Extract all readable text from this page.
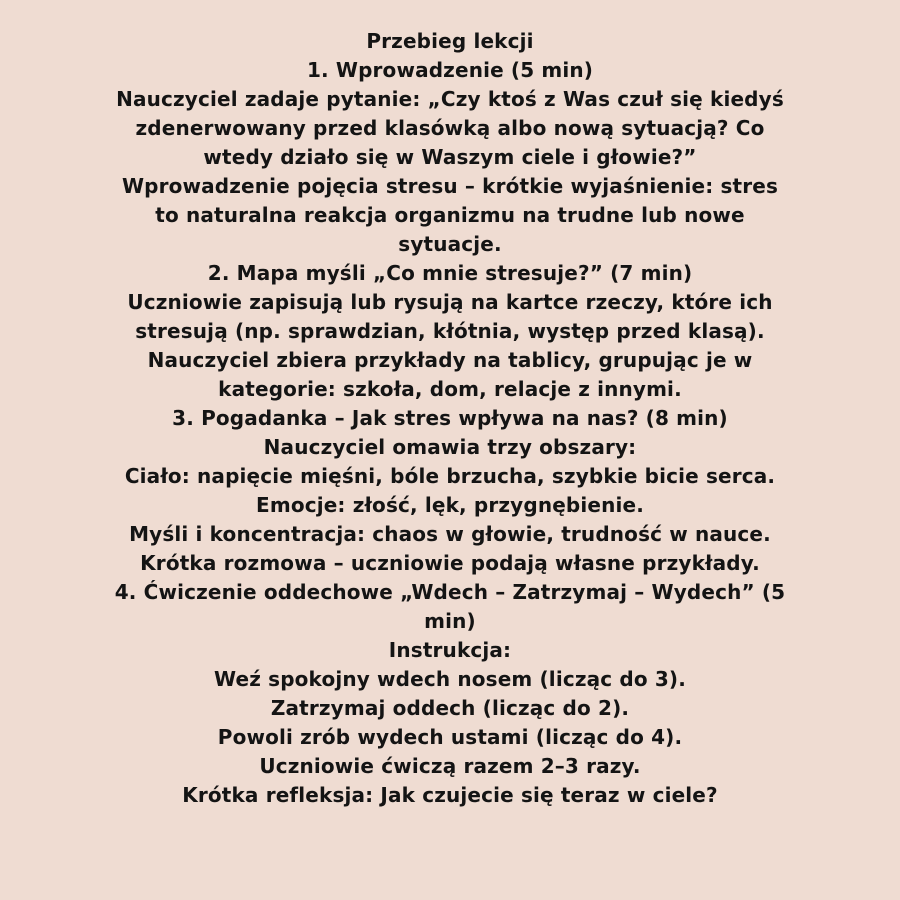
Przebieg lekcji
1. Wprowadzenie (5 min)
Nauczyciel zadaje pytanie: „Czy ktoś z Was czuł się kiedyś
zdenerwowany przed klasówką albo nową sytuacją? Co
wtedy działo się w Waszym ciele i głowie?”
Wprowadzenie pojęcia stresu – krótkie wyjaśnienie: stres
to naturalna reakcja organizmu na trudne lub nowe
sytuacje.
2. Mapa myśli „Co mnie stresuje?” (7 min)
Uczniowie zapisują lub rysują na kartce rzeczy, które ich
stresują (np. sprawdzian, kłótnia, występ przed klasą).
Nauczyciel zbiera przykłady na tablicy, grupując je w
kategorie: szkoła, dom, relacje z innymi.
3. Pogadanka – Jak stres wpływa na nas? (8 min)
Nauczyciel omawia trzy obszary:
Ciało: napięcie mięśni, bóle brzucha, szybkie bicie serca.
Emocje: złość, lęk, przygnębienie.
Myśli i koncentracja: chaos w głowie, trudność w nauce.
Krótka rozmowa – uczniowie podają własne przykłady.
4. Ćwiczenie oddechowe „Wdech – Zatrzymaj – Wydech” (5
min)
Instrukcja:
Weź spokojny wdech nosem (licząc do 3).
Zatrzymaj oddech (licząc do 2).
Powoli zrób wydech ustami (licząc do 4).
Uczniowie ćwiczą razem 2–3 razy.
Krótka refleksja: Jak czujecie się teraz w ciele?
